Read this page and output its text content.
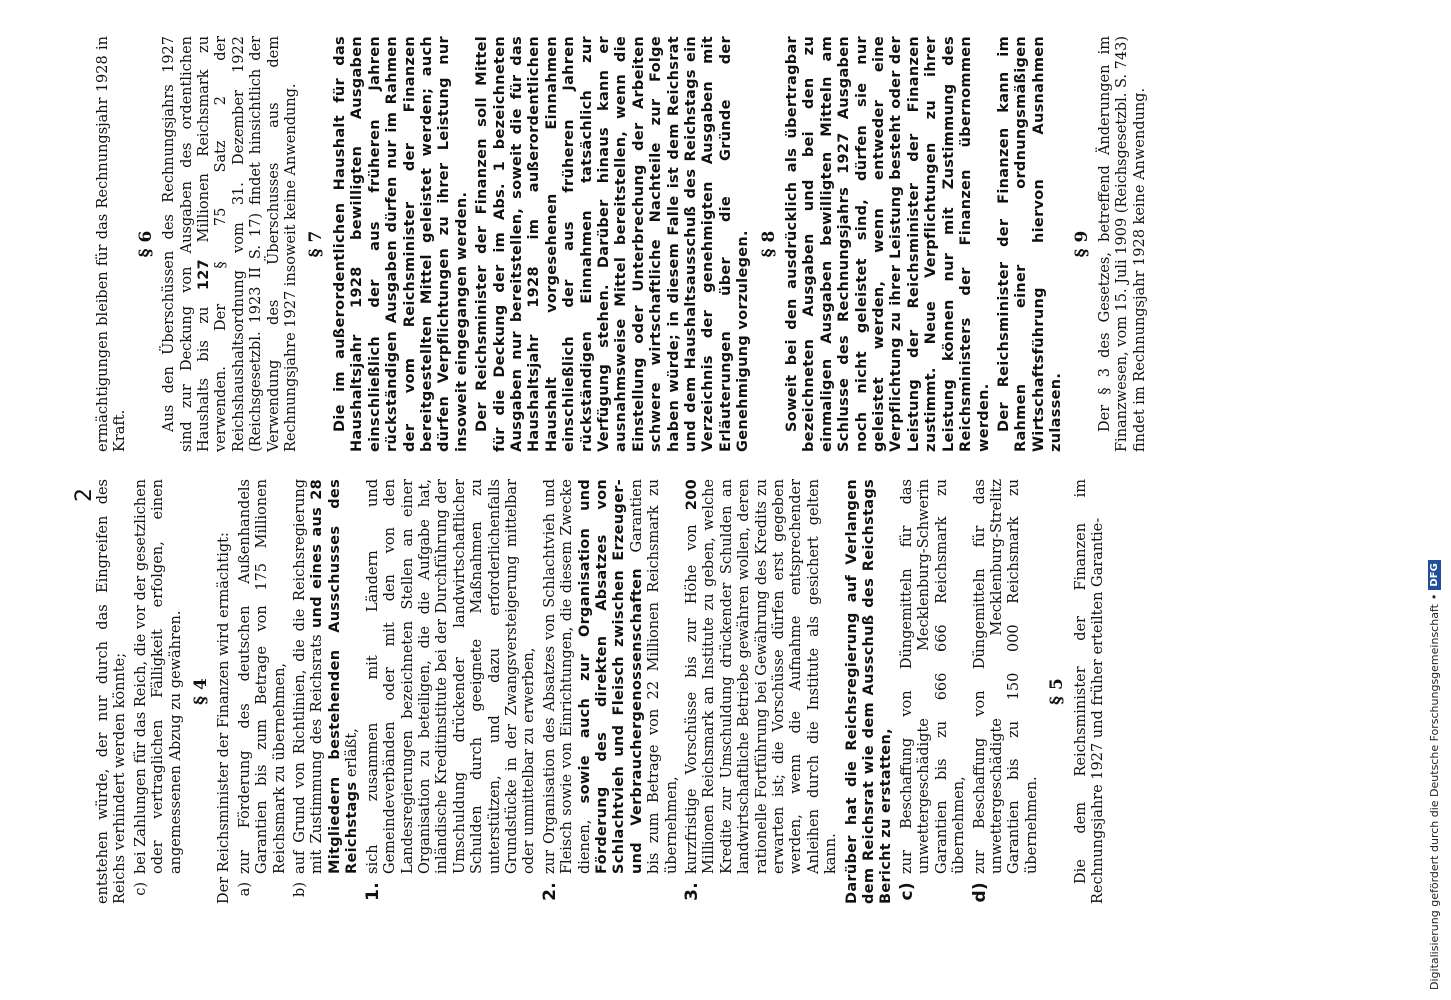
2

entstehen würde, der nur durch das Eingreifen des Reichs verhindert werden könnte; c)
bei Zahlungen für das Reich, die vor der gesetzlichen oder vertraglichen Fälligkeit erfolgen, einen angemessenen Abzug zu gewähren. § 4 Der Reichsminister der Finanzen wird ermächtigt: a)
zur Förderung des deutschen Außenhandels Garantien bis zum Betrage von 175 Millionen Reichsmark zu übernehmen,
b)
auf Grund von Richtlinien, die die Reichsregierung mit Zustimmung des Reichsrats und eines aus 28 Mitgliedern bestehenden Ausschusses des Reichstags erläßt,
1.
sich zusammen mit Ländern und Gemeindeverbänden oder mit den von den Landesregierungen bezeichneten Stellen an einer Organisation zu beteiligen, die die Aufgabe hat, inländische Kreditinstitute bei der Durchführung der Umschuldung drückender landwirtschaftlicher Schulden durch geeignete Maßnahmen zu unterstützen, und dazu erforderlichenfalls Grundstücke in der Zwangsversteigerung mittelbar oder unmittelbar zu erwerben,
2.
zur Organisation des Absatzes von Schlachtvieh und Fleisch sowie von Einrichtungen, die diesem Zwecke dienen, sowie auch zur Organisation und Förderung des direkten Absatzes von Schlachtvieh und Fleisch zwischen Erzeuger- und Verbrauchergenossenschaften Garantien bis zum Betrage von 22 Millionen Reichsmark zu übernehmen,
3.
kurzfristige Vorschüsse bis zur Höhe von 200 Millionen Reichsmark an Institute zu geben, welche Kredite zur Umschuldung drückender Schulden an landwirtschaftliche Betriebe gewähren wollen, deren rationelle Fortführung bei Gewährung des Kredits zu erwarten ist; die Vorschüsse dürfen erst gegeben werden, wenn die Aufnahme entsprechender Anleihen durch die Institute als gesichert gelten kann. Darüber hat die Reichsregierung auf Verlangen dem Reichsrat wie dem Ausschuß des Reichstags Bericht zu erstatten, c)
zur Beschaffung von Düngemitteln für das unwettergeschädigte Mecklenburg-Schwerin Garantien bis zu 666 666 Reichsmark zu übernehmen,
d)
zur Beschaffung von Düngemitteln für das unwettergeschädigte Mecklenburg-Strelitz Garantien bis zu 150 000 Reichsmark zu übernehmen.
§ 5 Die dem Reichsminister der Finanzen im Rechnungsjahre 1927 und früher erteilten Garantie-

ermächtigungen bleiben für das Rechnungsjahr 1928 in Kraft.

§ 6 Aus den Überschüssen des Rechnungsjahrs 1927 sind zur Deckung von Ausgaben des ordentlichen Haushalts bis zu 127 Millionen Reichsmark zu verwenden. Der § 75 Satz 2 der Reichshaushaltsordnung vom 31. Dezember 1922 (Reichsgesetzbl. 1923 II S. 17) findet hinsichtlich der Verwendung des Überschusses aus dem Rechnungsjahre 1927 insoweit keine Anwendung. § 7 Die im außerordentlichen Haushalt für das Haushaltsjahr 1928 bewilligten Ausgaben einschließlich der aus früheren Jahren rückständigen Ausgaben dürfen nur im Rahmen der vom Reichsminister der Finanzen bereitgestellten Mittel geleistet werden; auch dürfen Verpflichtungen zu ihrer Leistung nur insoweit eingegangen werden. Der Reichsminister der Finanzen soll Mittel für die Deckung der im Abs. 1 bezeichneten Ausgaben nur bereitstellen, soweit die für das Haushaltsjahr 1928 im außerordentlichen Haushalt vorgesehenen Einnahmen einschließlich der aus früheren Jahren rückständigen Einnahmen tatsächlich zur Verfügung stehen. Darüber hinaus kann er ausnahmsweise Mittel bereitstellen, wenn die Einstellung oder Unterbrechung der Arbeiten schwere wirtschaftliche Nachteile zur Folge haben würde; in diesem Falle ist dem Reichsrat und dem Haushaltsausschuß des Reichstags ein Verzeichnis der genehmigten Ausgaben mit Erläuterungen über die Gründe der Genehmigung vorzulegen. § 8 Soweit bei den ausdrücklich als übertragbar bezeichneten Ausgaben und bei den zu einmaligen Ausgaben bewilligten Mitteln am Schlusse des Rechnungsjahrs 1927 Ausgaben noch nicht geleistet sind, dürfen sie nur geleistet werden, wenn entweder eine Verpflichtung zu ihrer Leistung besteht oder der Leistung der Reichsminister der Finanzen zustimmt. Neue Verpflichtungen zu ihrer Leistung können nur mit Zustimmung des Reichsministers der Finanzen übernommen werden. Der Reichsminister der Finanzen kann im Rahmen einer ordnungsmäßigen Wirtschaftsführung hiervon Ausnahmen zulassen.

§ 9 Der § 3 des Gesetzes, betreffend Änderungen im Finanzwesen, vom 15. Juli 1909 (Reichsgesetzbl. S. 743) findet im Rechnungsjahr 1928 keine Anwendung.

Digitalisierung gefördert durch die Deutsche Forschungsgemeinschaft
•
DFG
